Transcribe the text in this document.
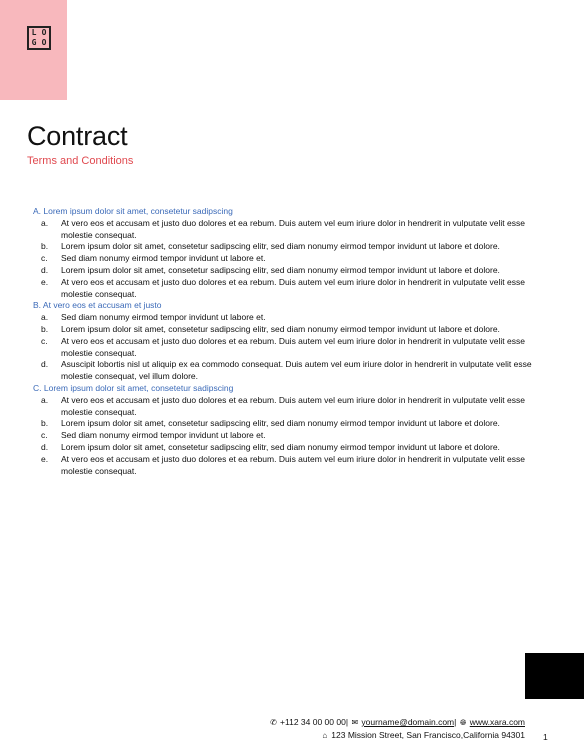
L O
G O
Contract

Terms and Conditions

A. Lorem ipsum dolor sit amet, consetetur sadipscing

a.	At vero eos et accusam et justo duo dolores et ea rebum. Duis autem vel eum iriure dolor in hendrerit in vulputate velit esse molestie consequat.
b.	Lorem ipsum dolor sit amet, consetetur sadipscing elitr, sed diam nonumy eirmod tempor invidunt ut labore et dolore.
c.	Sed diam nonumy eirmod tempor invidunt ut labore et.
d.	Lorem ipsum dolor sit amet, consetetur sadipscing elitr, sed diam nonumy eirmod tempor invidunt ut labore et dolore.
e.	At vero eos et accusam et justo duo dolores et ea rebum. Duis autem vel eum iriure dolor in hendrerit in vulputate velit esse molestie consequat.

B. At vero eos et accusam et justo

a.	Sed diam nonumy eirmod tempor invidunt ut labore et.
b.	Lorem ipsum dolor sit amet, consetetur sadipscing elitr, sed diam nonumy eirmod tempor invidunt ut labore et dolore.
c.	At vero eos et accusam et justo duo dolores et ea rebum. Duis autem vel eum iriure dolor in hendrerit in vulputate velit esse molestie consequat.
d.	Asuscipit lobortis nisl ut aliquip ex ea commodo consequat. Duis autem vel eum iriure dolor in hendrerit in vulputate velit esse molestie consequat, vel illum dolore.

C. Lorem ipsum dolor sit amet, consetetur sadipscing

a.	At vero eos et accusam et justo duo dolores et ea rebum. Duis autem vel eum iriure dolor in hendrerit in vulputate velit esse molestie consequat.
b.	Lorem ipsum dolor sit amet, consetetur sadipscing elitr, sed diam nonumy eirmod tempor invidunt ut labore et dolore.
c.	Sed diam nonumy eirmod tempor invidunt ut labore et.
d.	Lorem ipsum dolor sit amet, consetetur sadipscing elitr, sed diam nonumy eirmod tempor invidunt ut labore et dolore.
e.	At vero eos et accusam et justo duo dolores et ea rebum. Duis autem vel eum iriure dolor in hendrerit in vulputate velit esse molestie consequat.
✆ +112 34 00 00 00| ✉ yourname@domain.com| 🌐︎ www.xara.com
⌂ 123 Mission Street, San Francisco,California 94301 1
